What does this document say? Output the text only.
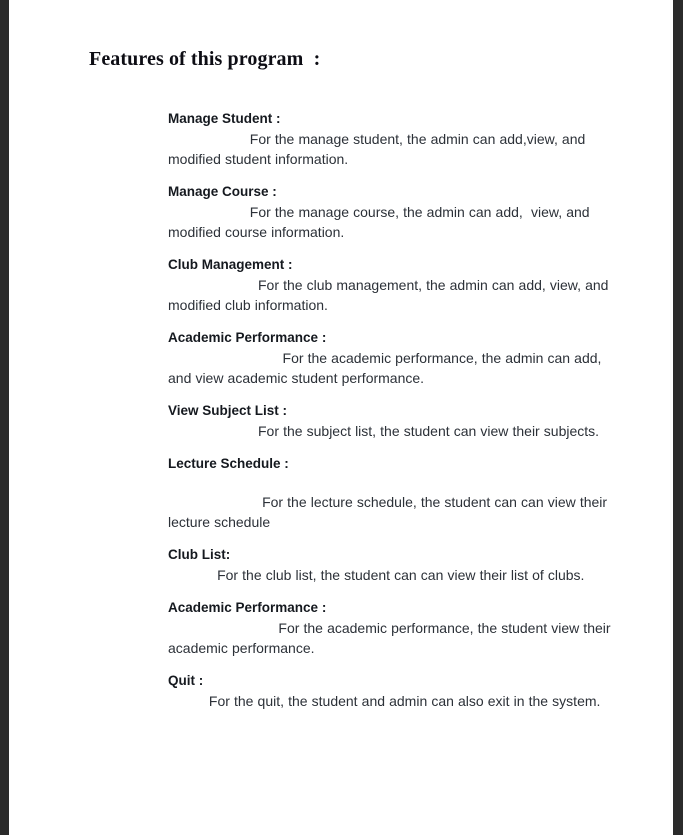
Features of this program  :
Manage Student :
For the manage student, the admin can add,view, and modified student information.
Manage Course :
For the manage course, the admin can add,  view, and modified course information.
Club Management :
For the club management, the admin can add, view, and modified club information.
Academic Performance :
For the academic performance, the admin can add, and view academic student performance.
View Subject List :
For the subject list, the student can view their subjects.
Lecture Schedule :
For the lecture schedule, the student can can view their lecture schedule
Club List:
For the club list, the student can can view their list of clubs.
Academic Performance :
For the academic performance, the student view their academic performance.
Quit :
For the quit, the student and admin can also exit in the system.
